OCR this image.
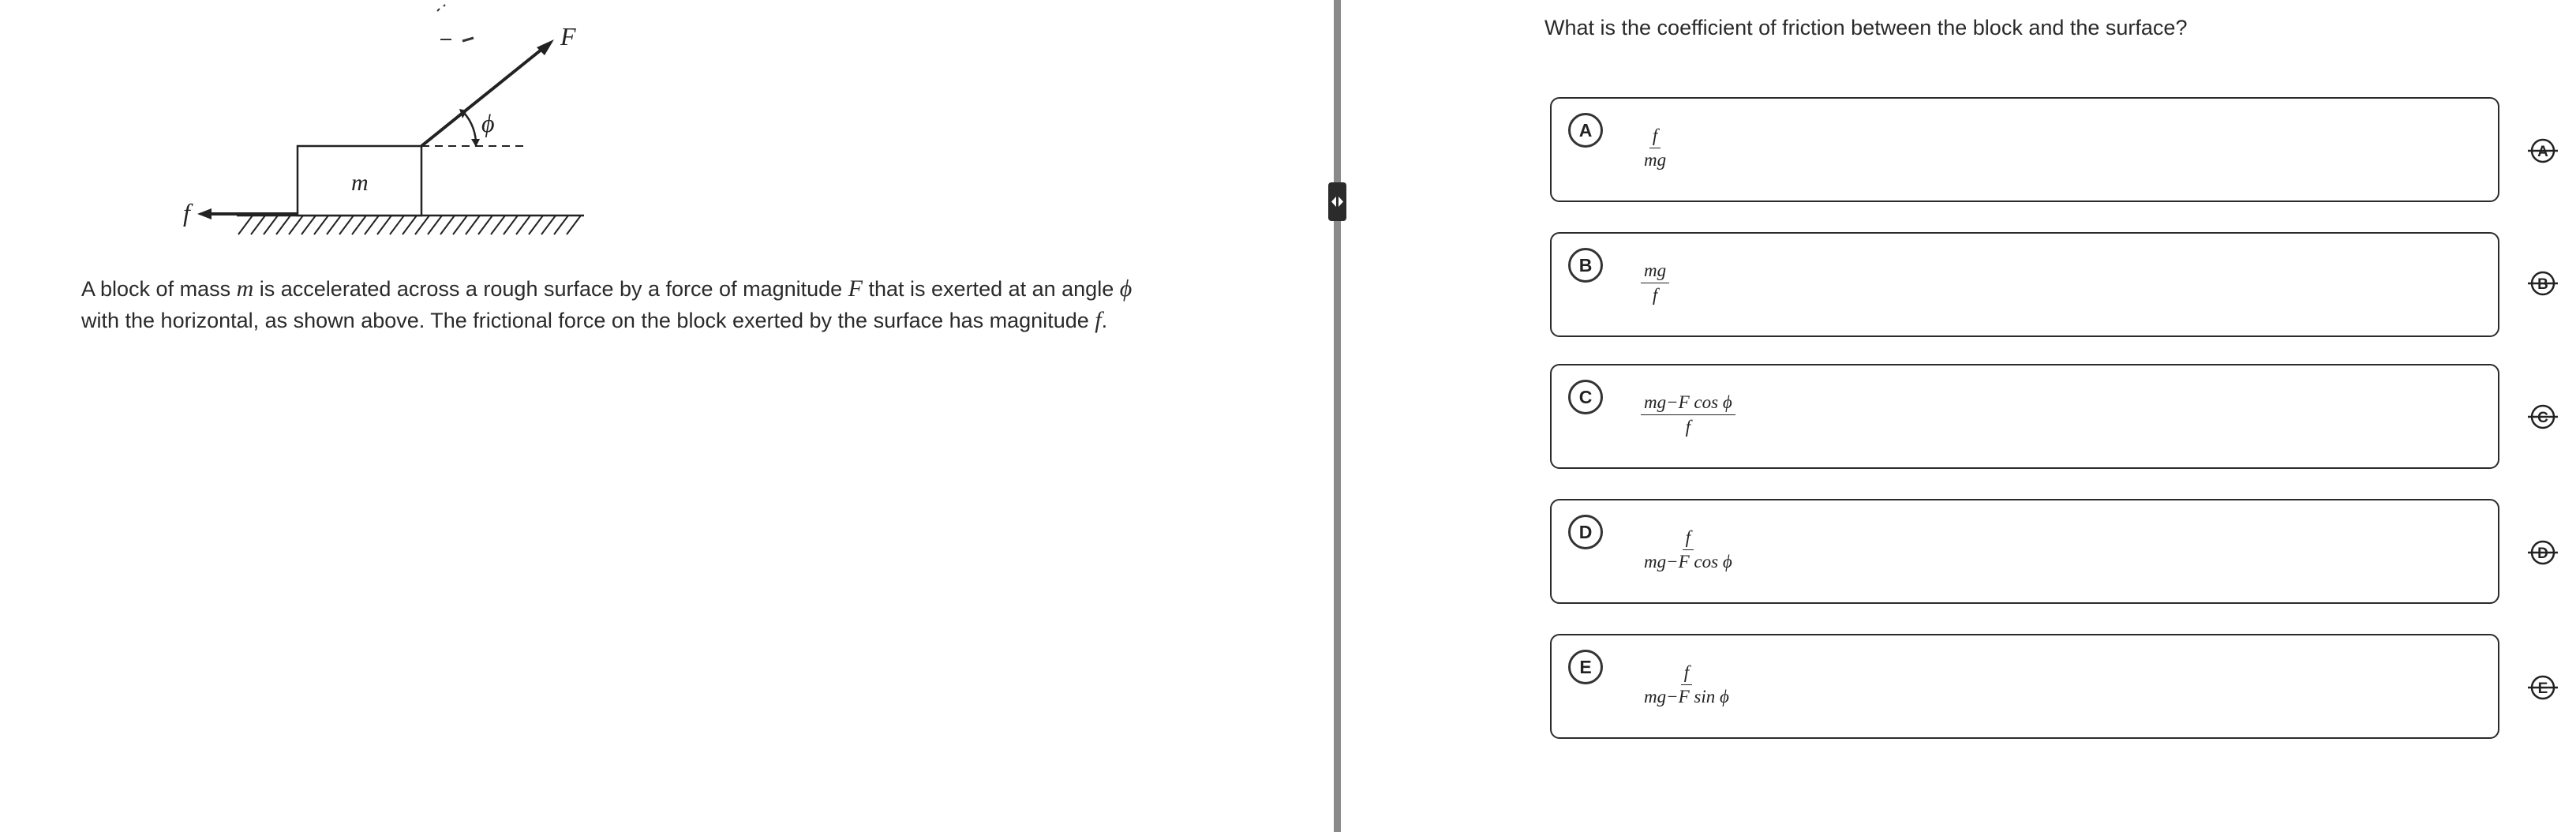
m
F
ϕ
f
A block of mass m is accelerated across a rough surface by a force of magnitude F that is exerted at an angle ϕ with the horizontal, as shown above. The frictional force on the block exerted by the surface has magnitude f.
What is the coefficient of friction between the block and the surface?
A	$\frac{f}{mg}$
B	$\frac{mg}{f}$
C	$\frac{\text{mg−F cos ϕ}}{f}$
D	$\frac{f}{\text{mg−F cos ϕ}}$
E	$\frac{f}{\text{mg−F sin ϕ}}$
A
B
C
D
E
